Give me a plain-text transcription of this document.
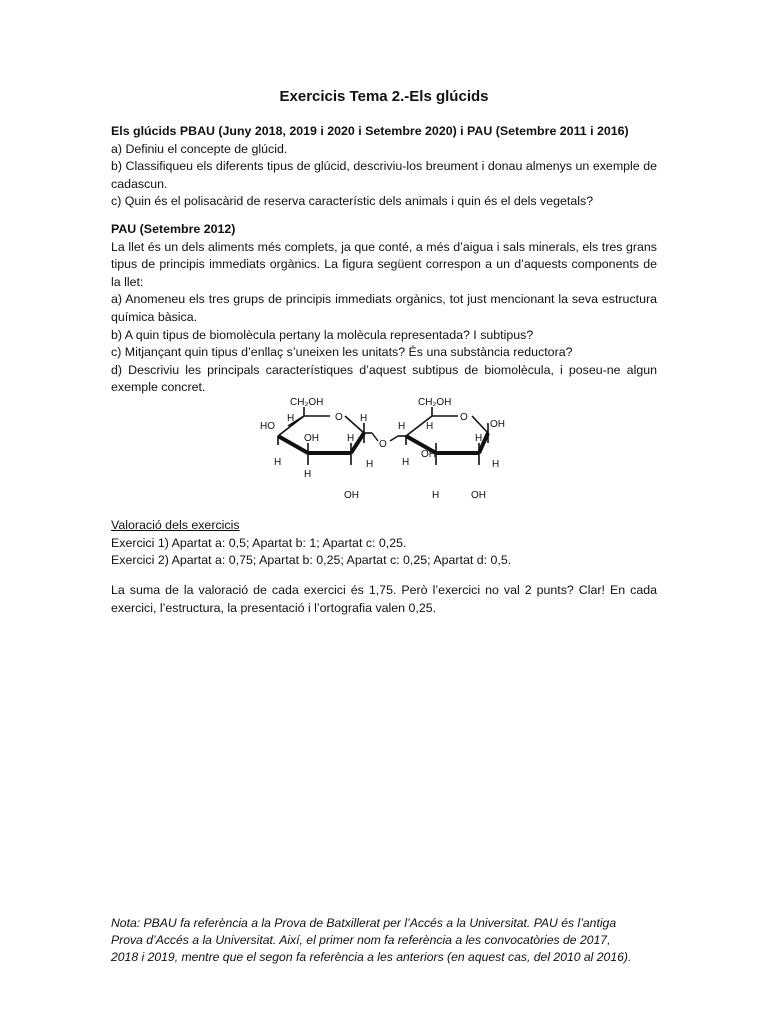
Exercicis Tema 2.-Els glúcids

Els glúcids PBAU (Juny 2018, 2019 i 2020 i Setembre 2020) i PAU (Setembre 2011 i 2016)

a) Definiu el concepte de glúcid.

b) Classifiqueu els diferents tipus de glúcid, descriviu-los breument i donau almenys un exemple de cadascun.

c) Quin és el polisacàrid de reserva característic dels animals i quin és el dels vegetals?

PAU (Setembre 2012)

La llet és un dels aliments més complets, ja que conté, a més d’aigua i sals minerals, els tres grans tipus de principis immediats orgànics. La figura següent correspon a un d’aquests components de la llet:

a) Anomeneu els tres grups de principis immediats orgànics, tot just mencionant la seva estructura química bàsica.

b) A quin tipus de biomolècula pertany la molècula representada? I subtipus?

c) Mitjançant quin tipus d’enllaç s’uneixen les unitats? És una substància reductora?

d) Descriviu les principals característiques d’aquest subtipus de biomolècula, i poseu-ne algun exemple concret.

CH₂OH
O
HO
H
H
OH
H
H
OH
H
H
O
CH₂OH
O
H H
H
OH
H
H
OH
OH
H

Valoració dels exercicis

Exercici 1) Apartat a: 0,5; Apartat b: 1; Apartat c: 0,25.

Exercici 2) Apartat a: 0,75; Apartat b: 0,25; Apartat c: 0,25; Apartat d: 0,5.

La suma de la valoració de cada exercici és 1,75. Però l’exercici no val 2 punts? Clar! En cada exercici, l’estructura, la presentació i l’ortografia valen 0,25.

Nota: PBAU fa referència a la Prova de Batxillerat per l’Accés a la Universitat. PAU és l’antiga

Prova d’Accés a la Universitat. Així, el primer nom fa referència a les convocatòries de 2017,

2018 i 2019, mentre que el segon fa referència a les anteriors (en aquest cas, del 2010 al 2016).
